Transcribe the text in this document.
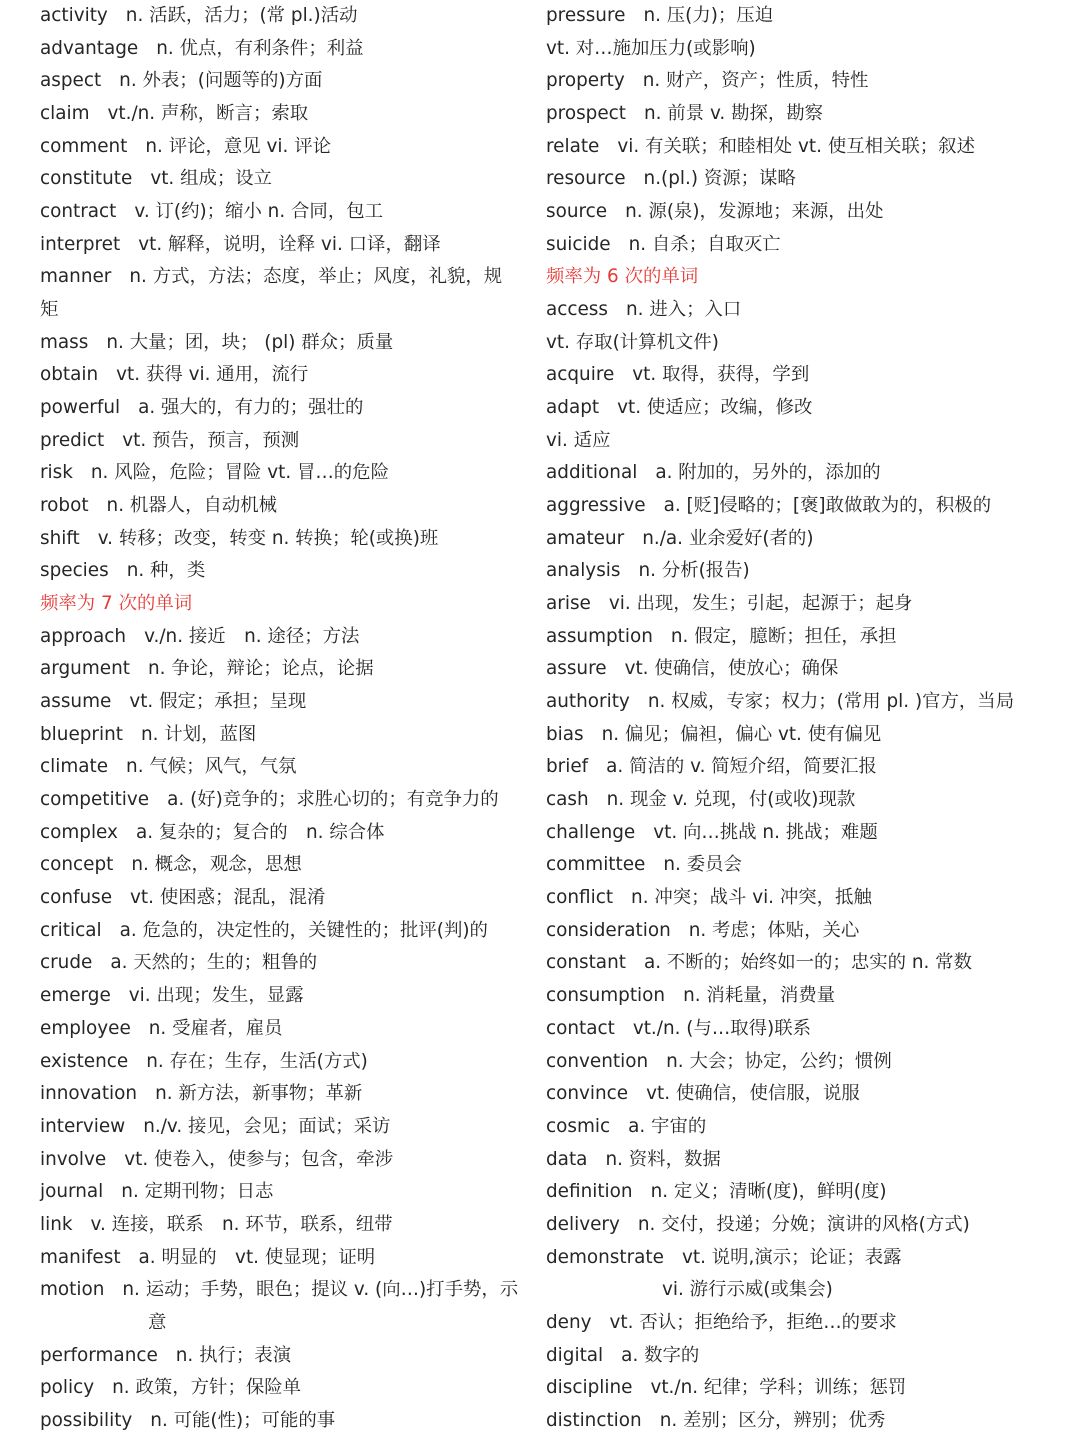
activity n. 活跃，活力；(常 pl.)活动
advantage n. 优点，有利条件；利益
aspect n. 外表；(问题等的)方面
claim vt./n. 声称，断言；索取
comment n. 评论，意见 vi. 评论
constitute vt. 组成；设立
contract v. 订(约)；缩小 n. 合同，包工
interpret vt. 解释，说明，诠释 vi. 口译，翻译
manner n. 方式，方法；态度，举止；风度，礼貌，规
矩
mass n. 大量；团，块； (pl) 群众；质量
obtain vt. 获得 vi. 通用，流行
powerful a. 强大的，有力的；强壮的
predict vt. 预告，预言，预测
risk n. 风险，危险；冒险 vt. 冒…的危险
robot n. 机器人，自动机械
shift v. 转移；改变，转变 n. 转换；轮(或换)班
species n. 种，类
频率为 7 次的单词
approach v./n. 接近　n. 途径；方法
argument n. 争论，辩论；论点，论据
assume vt. 假定；承担；呈现
blueprint n. 计划，蓝图
climate n. 气候；风气，气氛
competitive a. (好)竞争的；求胜心切的；有竞争力的
complex a. 复杂的；复合的　n. 综合体
concept n. 概念，观念，思想
confuse vt. 使困惑；混乱，混淆
critical a. 危急的，决定性的，关键性的；批评(判)的
crude a. 天然的；生的；粗鲁的
emerge vi. 出现；发生，显露
employee n. 受雇者，雇员
existence n. 存在；生存，生活(方式)
innovation n. 新方法，新事物；革新
interview n./v. 接见，会见；面试；采访
involve vt. 使卷入，使参与；包含，牵涉
journal n. 定期刊物；日志
link v. 连接，联系　n. 环节，联系，纽带
manifest a. 明显的　vt. 使显现；证明
motion n. 运动；手势，眼色；提议 v. (向…)打手势，示
意
performance n. 执行；表演
policy n. 政策，方针；保险单
possibility n. 可能(性)；可能的事
pressure n. 压(力)；压迫
vt. 对…施加压力(或影响)
property n. 财产，资产；性质，特性
prospect n. 前景 v. 勘探，勘察
relate vi. 有关联；和睦相处 vt. 使互相关联；叙述
resource n.(pl.) 资源；谋略
source n. 源(泉)，发源地；来源，出处
suicide n. 自杀；自取灭亡
频率为 6 次的单词
access n. 进入；入口
vt. 存取(计算机文件)
acquire vt. 取得，获得，学到
adapt vt. 使适应；改编，修改
vi. 适应
additional a. 附加的，另外的，添加的
aggressive a. [贬]侵略的；[褒]敢做敢为的，积极的
amateur n./a. 业余爱好(者的)
analysis n. 分析(报告)
arise vi. 出现，发生；引起，起源于；起身
assumption n. 假定，臆断；担任，承担
assure vt. 使确信，使放心；确保
authority n. 权威，专家；权力；(常用 pl. )官方，当局
bias n. 偏见；偏袒，偏心 vt. 使有偏见
brief a. 简洁的 v. 简短介绍，简要汇报
cash n. 现金 v. 兑现，付(或收)现款
challenge vt. 向…挑战 n. 挑战；难题
committee n. 委员会
conflict n. 冲突；战斗 vi. 冲突，抵触
consideration n. 考虑；体贴，关心
constant a. 不断的；始终如一的；忠实的 n. 常数
consumption n. 消耗量，消费量
contact vt./n. (与…取得)联系
convention n. 大会；协定，公约；惯例
convince vt. 使确信，使信服，说服
cosmic a. 宇宙的
data n. 资料，数据
definition n. 定义；清晰(度)，鲜明(度)
delivery n. 交付，投递；分娩；演讲的风格(方式)
demonstrate vt. 说明,演示；论证；表露
vi. 游行示威(或集会)
deny vt. 否认；拒绝给予，拒绝…的要求
digital a. 数字的
discipline vt./n. 纪律；学科；训练；惩罚
distinction n. 差别；区分，辨别；优秀
